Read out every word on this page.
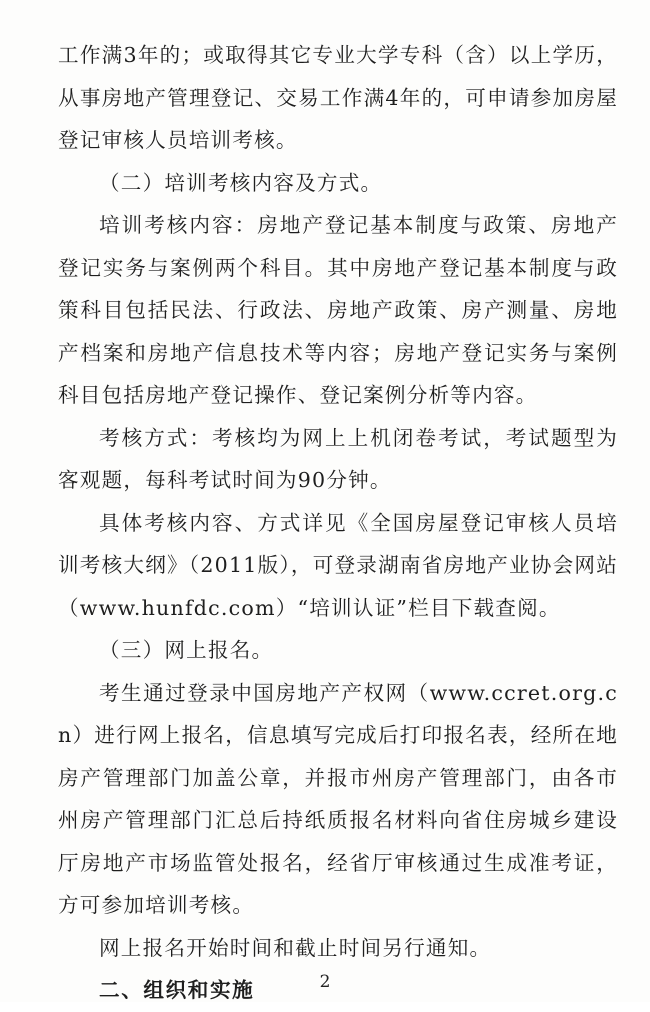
工作满3年的；或取得其它专业大学专科（含）以上学历，从事房地产管理登记、交易工作满4年的，可申请参加房屋登记审核人员培训考核。

（二）培训考核内容及方式。

培训考核内容：房地产登记基本制度与政策、房地产登记实务与案例两个科目。其中房地产登记基本制度与政策科目包括民法、行政法、房地产政策、房产测量、房地产档案和房地产信息技术等内容；房地产登记实务与案例科目包括房地产登记操作、登记案例分析等内容。

考核方式：考核均为网上上机闭卷考试，考试题型为客观题，每科考试时间为90分钟。

具体考核内容、方式详见《全国房屋登记审核人员培训考核大纲》（2011版），可登录湖南省房地产业协会网站（www.hunfdc.com）“培训认证”栏目下载查阅。

（三）网上报名。

考生通过登录中国房地产产权网（www.ccret.org.cn）进行网上报名，信息填写完成后打印报名表，经所在地房产管理部门加盖公章，并报市州房产管理部门，由各市州房产管理部门汇总后持纸质报名材料向省住房城乡建设厅房地产市场监管处报名，经省厅审核通过生成准考证，方可参加培训考核。

网上报名开始时间和截止时间另行通知。

二、组织和实施	2
